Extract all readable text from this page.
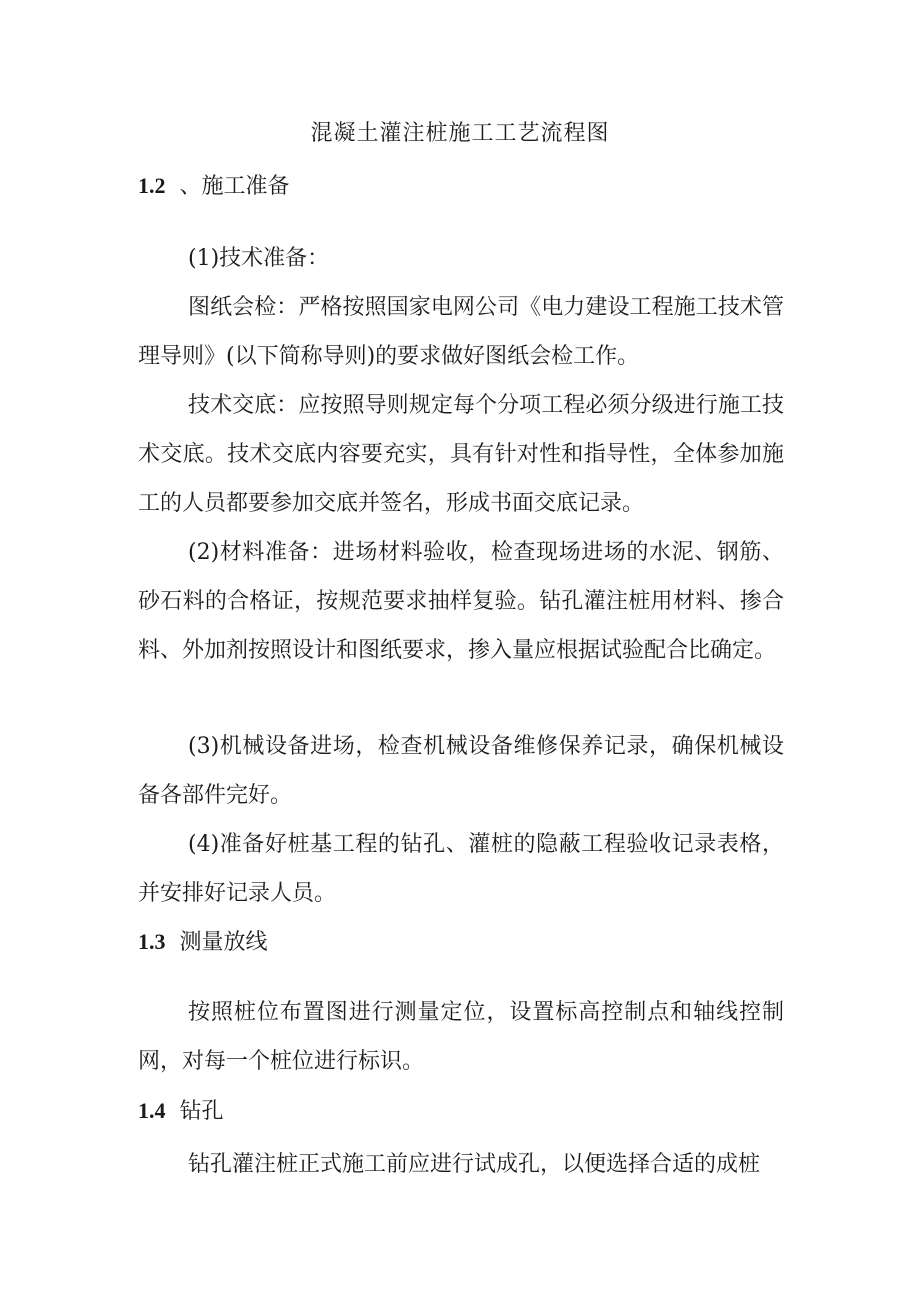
混凝土灌注桩施工工艺流程图
1.2 、施工准备
(1)技术准备：
图纸会检：严格按照国家电网公司《电力建设工程施工技术管理导则》(以下简称导则)的要求做好图纸会检工作。
技术交底：应按照导则规定每个分项工程必须分级进行施工技术交底。技术交底内容要充实，具有针对性和指导性，全体参加施工的人员都要参加交底并签名，形成书面交底记录。
(2)材料准备：进场材料验收，检查现场进场的水泥、钢筋、砂石料的合格证，按规范要求抽样复验。钻孔灌注桩用材料、掺合料、外加剂按照设计和图纸要求，掺入量应根据试验配合比确定。
(3)机械设备进场，检查机械设备维修保养记录，确保机械设备各部件完好。
(4)准备好桩基工程的钻孔、灌桩的隐蔽工程验收记录表格，并安排好记录人员。
1.3 测量放线
按照桩位布置图进行测量定位，设置标高控制点和轴线控制网，对每一个桩位进行标识。
1.4 钻孔
钻孔灌注桩正式施工前应进行试成孔，以便选择合适的成桩
